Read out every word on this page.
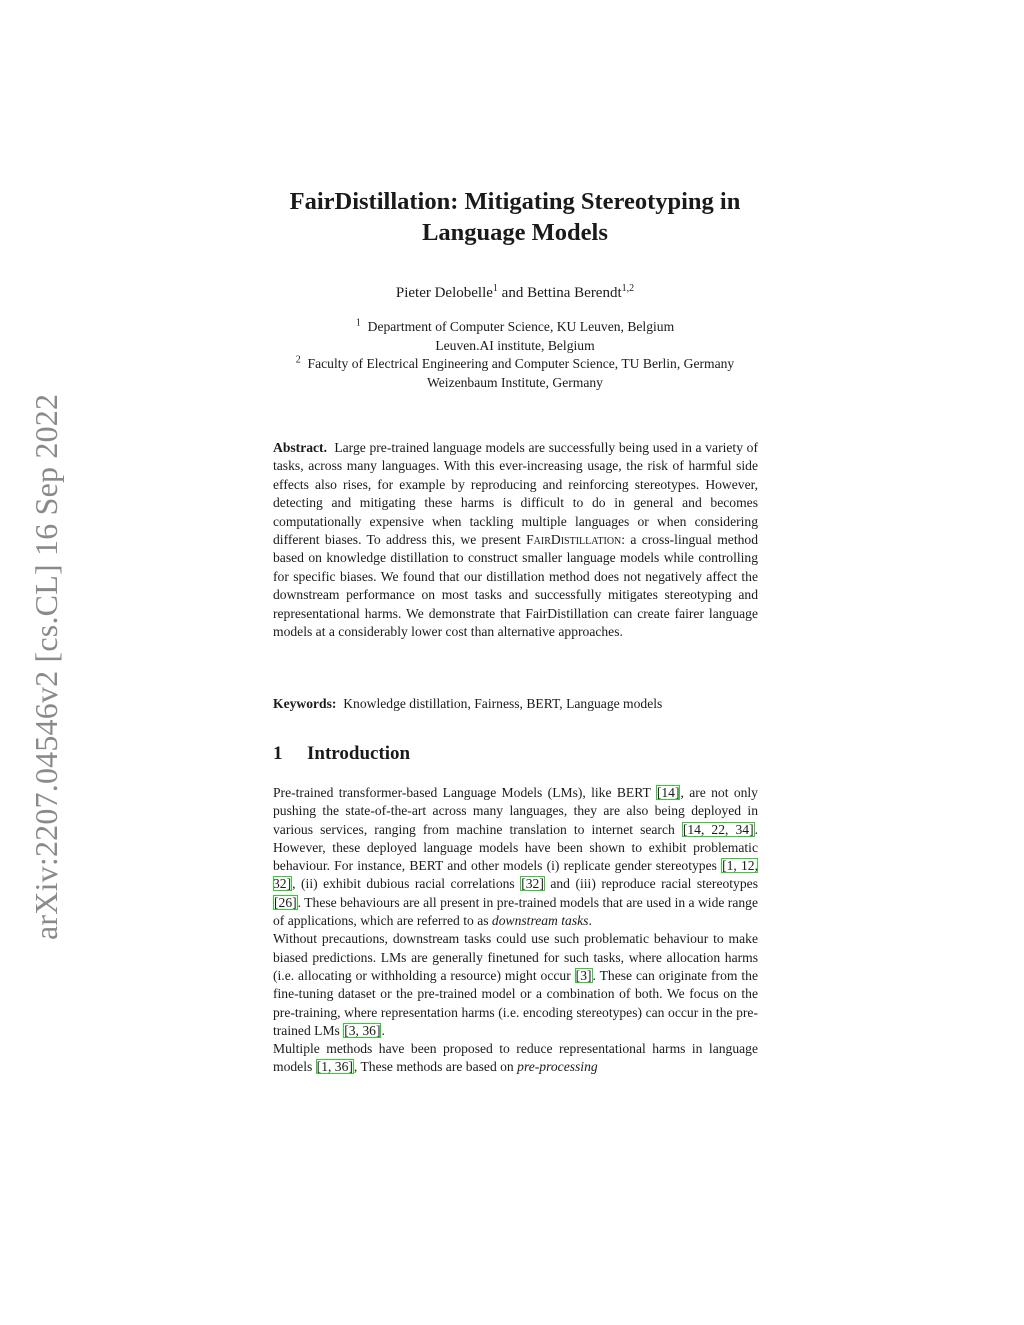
arXiv:2207.04546v2 [cs.CL] 16 Sep 2022
FairDistillation: Mitigating Stereotyping in
Language Models
Pieter Delobelle$^1$ and Bettina Berendt$^{1,2}$
$^1$ Department of Computer Science, KU Leuven, Belgium
Leuven.AI institute, Belgium
$^2$ Faculty of Electrical Engineering and Computer Science, TU Berlin, Germany
Weizenbaum Institute, Germany
Abstract. Large pre-trained language models are successfully being used in a variety of tasks, across many languages. With this ever-increasing usage, the risk of harmful side effects also rises, for example by reproducing and reinforcing stereotypes. However, detecting and mitigating these harms is difficult to do in general and becomes computationally expensive when tackling multiple languages or when considering different biases. To address this, we present FairDistillation: a cross-lingual method based on knowledge distillation to construct smaller language models while controlling for specific biases. We found that our distillation method does not negatively affect the downstream performance on most tasks and successfully mitigates stereotyping and representational harms. We demonstrate that FairDistillation can create fairer language models at a considerably lower cost than alternative approaches.
Keywords: Knowledge distillation, Fairness, BERT, Language models
1 Introduction

Pre-trained transformer-based Language Models (LMs), like BERT [14], are not only pushing the state-of-the-art across many languages, they are also being deployed in various services, ranging from machine translation to internet search [14, 22, 34]. However, these deployed language models have been shown to exhibit problematic behaviour. For instance, BERT and other models (i) replicate gender stereotypes [1, 12, 32], (ii) exhibit dubious racial correlations [32] and (iii) reproduce racial stereotypes [26]. These behaviours are all present in pre-trained models that are used in a wide range of applications, which are referred to as downstream tasks.

Without precautions, downstream tasks could use such problematic behaviour to make biased predictions. LMs are generally finetuned for such tasks, where allocation harms (i.e. allocating or withholding a resource) might occur [3]. These can originate from the fine-tuning dataset or the pre-trained model or a combination of both. We focus on the pre-training, where representation harms (i.e. encoding stereotypes) can occur in the pre-trained LMs [3, 36].

Multiple methods have been proposed to reduce representational harms in language models [1, 36], These methods are based on pre-processing
